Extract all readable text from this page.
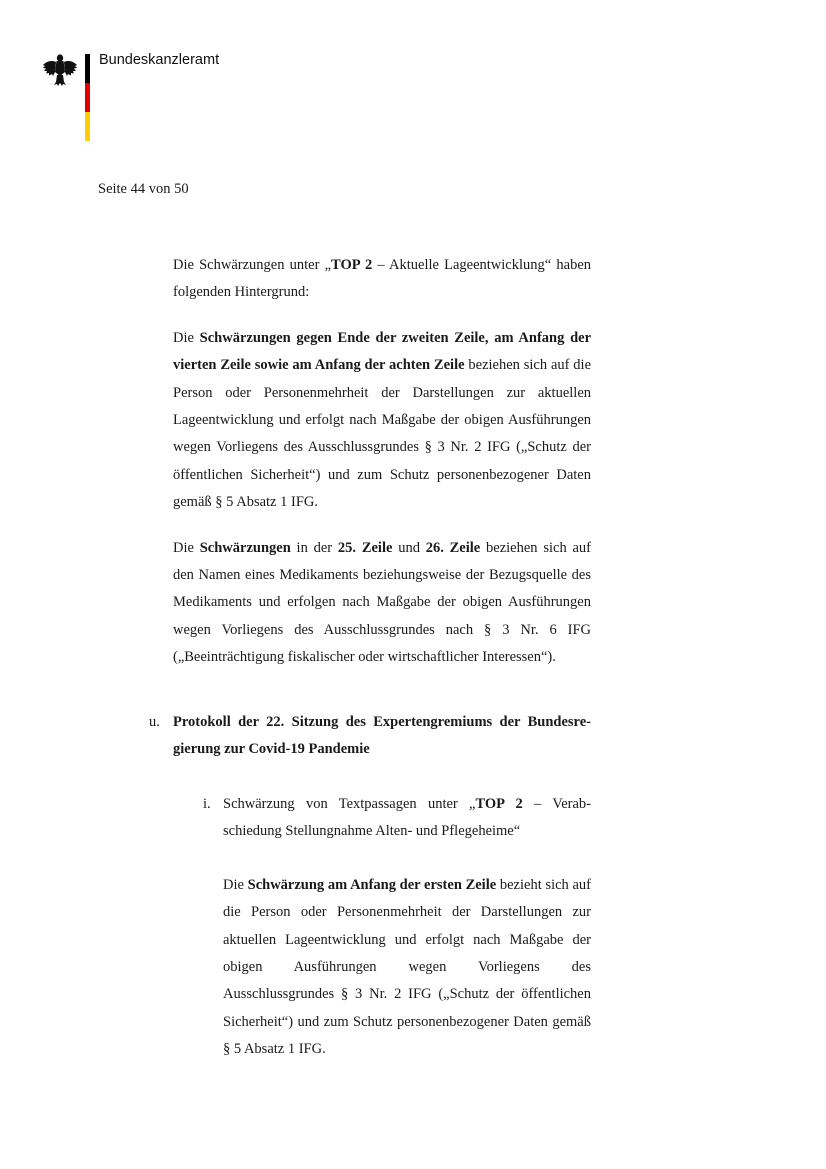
Bundeskanzleramt
Seite 44 von 50

Die Schwärzungen unter „TOP 2 – Aktuelle Lageentwicklung“ haben folgenden Hintergrund:

Die Schwärzungen gegen Ende der zweiten Zeile, am Anfang der vierten Zeile sowie am Anfang der achten Zeile beziehen sich auf die Person oder Personenmehrheit der Darstellungen zur aktuellen Lageentwicklung und erfolgt nach Maßgabe der obigen Ausführungen wegen Vorliegens des Ausschlussgrundes § 3 Nr. 2 IFG („Schutz der öffentlichen Sicherheit“) und zum Schutz personenbezogener Daten gemäß § 5 Absatz 1 IFG.

Die Schwärzungen in der 25. Zeile und 26. Zeile beziehen sich auf den Namen eines Medikaments beziehungsweise der Bezugsquelle des Medikaments und erfolgen nach Maßgabe der obigen Ausführungen wegen Vorliegens des Ausschlussgrundes nach § 3 Nr. 6 IFG („Beeinträchtigung fiskalischer oder wirtschaftlicher Interessen“).

u. Protokoll der 22. Sitzung des Expertengremiums der Bundesregierung zur Covid-19 Pandemie
i. Schwärzung von Textpassagen unter „TOP 2 – Verabschiedung Stellungnahme Alten- und Pflegeheime“

Die Schwärzung am Anfang der ersten Zeile bezieht sich auf die Person oder Personenmehrheit der Darstellungen zur aktuellen Lageentwicklung und erfolgt nach Maßgabe der obigen Ausführungen wegen Vorliegens des Ausschlussgrundes § 3 Nr. 2 IFG („Schutz der öffentlichen Sicherheit“) und zum Schutz personenbezogener Daten gemäß § 5 Absatz 1 IFG.
